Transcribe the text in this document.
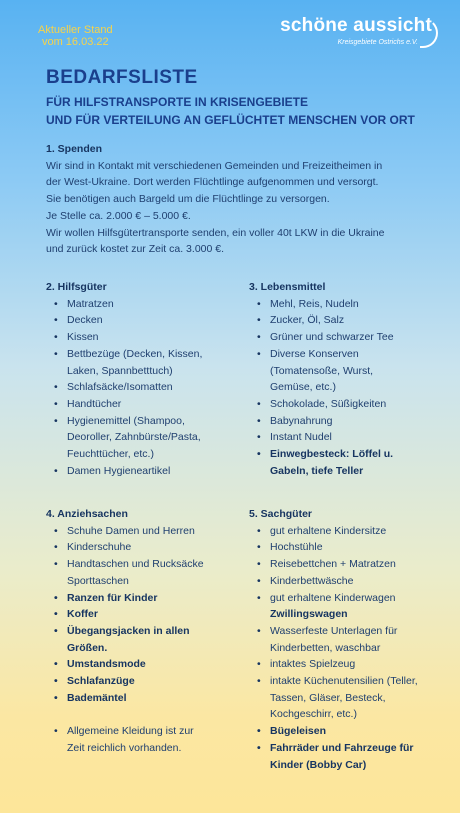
Aktueller Stand
vom 16.03.22
schöne aussicht
Kreisgebiete Ostrichs e.V.
BEDARFSLISTE
FÜR HILFSTRANSPORTE IN KRISENGEBIETE
UND FÜR VERTEILUNG AN GEFLÜCHTET MENSCHEN VOR ORT
1. Spenden
Wir sind in Kontakt mit verschiedenen Gemeinden und Freizeitheimen in
der West-Ukraine. Dort werden Flüchtlinge aufgenommen und versorgt.
Sie benötigen auch Bargeld um die Flüchtlinge zu versorgen.
Je Stelle ca. 2.000 € – 5.000 €.
Wir wollen Hilfsgütertransporte senden, ein voller 40t LKW in die Ukraine
und zurück kostet zur Zeit ca. 3.000 €.
2. Hilfsgüter
• Matratzen
• Decken
• Kissen
• Bettbezüge (Decken, Kissen, Laken, Spannbetttuch)
• Schlafsäcke/Isomatten
• Handtücher
• Hygienemittel (Shampoo, Deoroller, Zahnbürste/Pasta, Feuchttücher, etc.)
• Damen Hygieneartikel
3. Lebensmittel
• Mehl, Reis, Nudeln
• Zucker, Öl, Salz
• Grüner und schwarzer Tee
• Diverse Konserven (Tomatensoße, Wurst, Gemüse, etc.)
• Schokolade, Süßigkeiten
• Babynahrung
• Instant Nudel
• Einwegbesteck: Löffel u. Gabeln, tiefe Teller
4. Anziehsachen
• Schuhe Damen und Herren
• Kinderschuhe
• Handtaschen und Rucksäcke Sporttaschen
• Ranzen für Kinder
• Koffer
• Übegangsjacken in allen Größen.
• Umstandsmode
• Schlafanzüge
• Bademäntel
• Allgemeine Kleidung ist zur Zeit reichlich vorhanden.
5. Sachgüter
• gut erhaltene Kindersitze
• Hochstühle
• Reisebettchen + Matratzen
• Kinderbettwäsche
• gut erhaltene Kinderwagen
Zwillingswagen
• Wasserfeste Unterlagen für Kinderbetten, waschbar
• intaktes Spielzeug
• intakte Küchenutensilien (Teller, Tassen, Gläser, Besteck, Kochgeschirr, etc.)
• Bügeleisen
• Fahrräder und Fahrzeuge für Kinder (Bobby Car)
